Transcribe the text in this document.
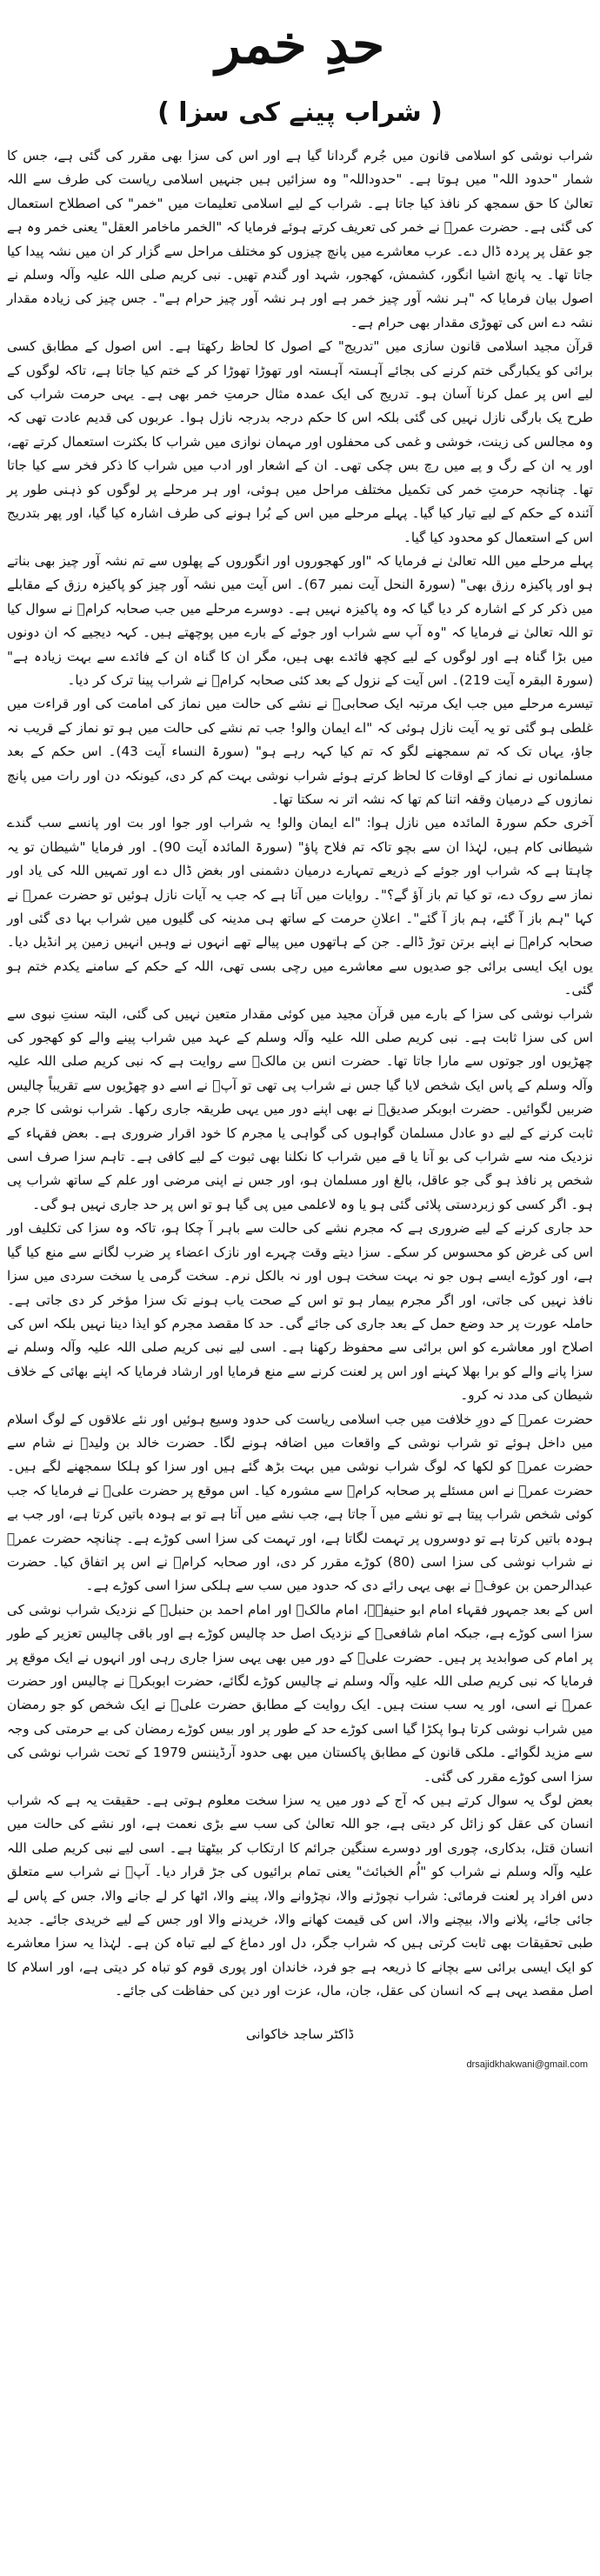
حدِ خمر
( شراب پینے کی سزا )

شراب نوشی کو اسلامی قانون میں جُرم گردانا گیا ہے اور اس کی سزا بھی مقرر کی گئی ہے، جس کا شمار "حدود اللہ" میں ہوتا ہے۔ "حدوداللہ" وہ سزائیں ہیں جنہیں اسلامی ریاست کی طرف سے اللہ تعالیٰ کا حق سمجھ کر نافذ کیا جاتا ہے۔ شراب کے لیے اسلامی تعلیمات میں "خمر" کی اصطلاح استعمال کی گئی ہے۔ حضرت عمرؓ نے خمر کی تعریف کرتے ہوئے فرمایا کہ "الخمر ماخامر العقل" یعنی خمر وہ ہے جو عقل پر پردہ ڈال دے۔ عرب معاشرے میں پانچ چیزوں کو مختلف مراحل سے گزار کر ان میں نشہ پیدا کیا جاتا تھا۔ یہ پانچ اشیا انگور، کشمش، کھجور، شہد اور گندم تھیں۔ نبی کریم صلی اللہ علیہ وآلہ وسلم نے اصول بیان فرمایا کہ "ہر نشہ آور چیز خمر ہے اور ہر نشہ آور چیز حرام ہے"۔ جس چیز کی زیادہ مقدار نشہ دے اس کی تھوڑی مقدار بھی حرام ہے۔

قرآن مجید اسلامی قانون سازی میں "تدریج" کے اصول کا لحاظ رکھتا ہے۔ اس اصول کے مطابق کسی برائی کو یکبارگی ختم کرنے کی بجائے آہستہ آہستہ اور تھوڑا تھوڑا کر کے ختم کیا جاتا ہے، تاکہ لوگوں کے لیے اس پر عمل کرنا آسان ہو۔ تدریج کی ایک عمدہ مثال حرمتِ خمر بھی ہے۔ یہی حرمت شراب کی طرح یک بارگی نازل نہیں کی گئی بلکہ اس کا حکم درجہ بدرجہ نازل ہوا۔ عربوں کی قدیم عادت تھی کہ وہ مجالس کی زینت، خوشی و غمی کی محفلوں اور مہمان نوازی میں شراب کا بکثرت استعمال کرتے تھے، اور یہ ان کے رگ و پے میں رچ بس چکی تھی۔ ان کے اشعار اور ادب میں شراب کا ذکر فخر سے کیا جاتا تھا۔ چنانچہ حرمتِ خمر کی تکمیل مختلف مراحل میں ہوئی، اور ہر مرحلے پر لوگوں کو ذہنی طور پر آئندہ کے حکم کے لیے تیار کیا گیا۔ پہلے مرحلے میں اس کے بُرا ہونے کی طرف اشارہ کیا گیا، اور پھر بتدریج اس کے استعمال کو محدود کیا گیا۔

پہلے مرحلے میں اللہ تعالیٰ نے فرمایا کہ "اور کھجوروں اور انگوروں کے پھلوں سے تم نشہ آور چیز بھی بناتے ہو اور پاکیزہ رزق بھی" (سورۃ النحل آیت نمبر 67)۔ اس آیت میں نشہ آور چیز کو پاکیزہ رزق کے مقابلے میں ذکر کر کے اشارہ کر دیا گیا کہ وہ پاکیزہ نہیں ہے۔ دوسرے مرحلے میں جب صحابہ کرامؓ نے سوال کیا تو اللہ تعالیٰ نے فرمایا کہ "وہ آپ سے شراب اور جوئے کے بارے میں پوچھتے ہیں۔ کہہ دیجیے کہ ان دونوں میں بڑا گناہ ہے اور لوگوں کے لیے کچھ فائدے بھی ہیں، مگر ان کا گناہ ان کے فائدے سے بہت زیادہ ہے" (سورۃ البقرہ آیت 219)۔ اس آیت کے نزول کے بعد کئی صحابہ کرامؓ نے شراب پینا ترک کر دیا۔

تیسرے مرحلے میں جب ایک مرتبہ ایک صحابیؓ نے نشے کی حالت میں نماز کی امامت کی اور قراءت میں غلطی ہو گئی تو یہ آیت نازل ہوئی کہ "اے ایمان والو! جب تم نشے کی حالت میں ہو تو نماز کے قریب نہ جاؤ، یہاں تک کہ تم سمجھنے لگو کہ تم کیا کہہ رہے ہو" (سورۃ النساء آیت 43)۔ اس حکم کے بعد مسلمانوں نے نماز کے اوقات کا لحاظ کرتے ہوئے شراب نوشی بہت کم کر دی، کیونکہ دن اور رات میں پانچ نمازوں کے درمیان وقفہ اتنا کم تھا کہ نشہ اتر نہ سکتا تھا۔

آخری حکم سورۃ المائدہ میں نازل ہوا: "اے ایمان والو! یہ شراب اور جوا اور بت اور پانسے سب گندے شیطانی کام ہیں، لہٰذا ان سے بچو تاکہ تم فلاح پاؤ" (سورۃ المائدہ آیت 90)۔ اور فرمایا "شیطان تو یہ چاہتا ہے کہ شراب اور جوئے کے ذریعے تمہارے درمیان دشمنی اور بغض ڈال دے اور تمہیں اللہ کی یاد اور نماز سے روک دے، تو کیا تم باز آؤ گے؟"۔ روایات میں آتا ہے کہ جب یہ آیات نازل ہوئیں تو حضرت عمرؓ نے کہا "ہم باز آ گئے، ہم باز آ گئے"۔ اعلانِ حرمت کے ساتھ ہی مدینہ کی گلیوں میں شراب بہا دی گئی اور صحابہ کرامؓ نے اپنے برتن توڑ ڈالے۔ جن کے ہاتھوں میں پیالے تھے انہوں نے وہیں انہیں زمین پر انڈیل دیا۔ یوں ایک ایسی برائی جو صدیوں سے معاشرے میں رچی بسی تھی، اللہ کے حکم کے سامنے یکدم ختم ہو گئی۔

شراب نوشی کی سزا کے بارے میں قرآن مجید میں کوئی مقدار متعین نہیں کی گئی، البتہ سنتِ نبوی سے اس کی سزا ثابت ہے۔ نبی کریم صلی اللہ علیہ وآلہ وسلم کے عہد میں شراب پینے والے کو کھجور کی چھڑیوں اور جوتوں سے مارا جاتا تھا۔ حضرت انس بن مالکؓ سے روایت ہے کہ نبی کریم صلی اللہ علیہ وآلہ وسلم کے پاس ایک شخص لایا گیا جس نے شراب پی تھی تو آپؐ نے اسے دو چھڑیوں سے تقریباً چالیس ضربیں لگوائیں۔ حضرت ابوبکر صدیقؓ نے بھی اپنے دور میں یہی طریقہ جاری رکھا۔ شراب نوشی کا جرم ثابت کرنے کے لیے دو عادل مسلمان گواہوں کی گواہی یا مجرم کا خود اقرار ضروری ہے۔ بعض فقہاء کے نزدیک منہ سے شراب کی بو آنا یا قے میں شراب کا نکلنا بھی ثبوت کے لیے کافی ہے۔ تاہم سزا صرف اسی شخص پر نافذ ہو گی جو عاقل، بالغ اور مسلمان ہو، اور جس نے اپنی مرضی اور علم کے ساتھ شراب پی ہو۔ اگر کسی کو زبردستی پلائی گئی ہو یا وہ لاعلمی میں پی گیا ہو تو اس پر حد جاری نہیں ہو گی۔

حد جاری کرنے کے لیے ضروری ہے کہ مجرم نشے کی حالت سے باہر آ چکا ہو، تاکہ وہ سزا کی تکلیف اور اس کی غرض کو محسوس کر سکے۔ سزا دیتے وقت چہرے اور نازک اعضاء پر ضرب لگانے سے منع کیا گیا ہے، اور کوڑے ایسے ہوں جو نہ بہت سخت ہوں اور نہ بالکل نرم۔ سخت گرمی یا سخت سردی میں سزا نافذ نہیں کی جاتی، اور اگر مجرم بیمار ہو تو اس کے صحت یاب ہونے تک سزا مؤخر کر دی جاتی ہے۔ حاملہ عورت پر حد وضع حمل کے بعد جاری کی جائے گی۔ حد کا مقصد مجرم کو ایذا دینا نہیں بلکہ اس کی اصلاح اور معاشرے کو اس برائی سے محفوظ رکھنا ہے۔ اسی لیے نبی کریم صلی اللہ علیہ وآلہ وسلم نے سزا پانے والے کو برا بھلا کہنے اور اس پر لعنت کرنے سے منع فرمایا اور ارشاد فرمایا کہ اپنے بھائی کے خلاف شیطان کی مدد نہ کرو۔

حضرت عمرؓ کے دورِ خلافت میں جب اسلامی ریاست کی حدود وسیع ہوئیں اور نئے علاقوں کے لوگ اسلام میں داخل ہوئے تو شراب نوشی کے واقعات میں اضافہ ہونے لگا۔ حضرت خالد بن ولیدؓ نے شام سے حضرت عمرؓ کو لکھا کہ لوگ شراب نوشی میں بہت بڑھ گئے ہیں اور سزا کو ہلکا سمجھنے لگے ہیں۔ حضرت عمرؓ نے اس مسئلے پر صحابہ کرامؓ سے مشورہ کیا۔ اس موقع پر حضرت علیؓ نے فرمایا کہ جب کوئی شخص شراب پیتا ہے تو نشے میں آ جاتا ہے، جب نشے میں آتا ہے تو بے ہودہ باتیں کرتا ہے، اور جب بے ہودہ باتیں کرتا ہے تو دوسروں پر تہمت لگاتا ہے، اور تہمت کی سزا اسی کوڑے ہے۔ چنانچہ حضرت عمرؓ نے شراب نوشی کی سزا اسی (80) کوڑے مقرر کر دی، اور صحابہ کرامؓ نے اس پر اتفاق کیا۔ حضرت عبدالرحمن بن عوفؓ نے بھی یہی رائے دی کہ حدود میں سب سے ہلکی سزا اسی کوڑے ہے۔

اس کے بعد جمہور فقہاء امام ابو حنیفہؒ، امام مالکؒ اور امام احمد بن حنبلؒ کے نزدیک شراب نوشی کی سزا اسی کوڑے ہے، جبکہ امام شافعیؒ کے نزدیک اصل حد چالیس کوڑے ہے اور باقی چالیس تعزیر کے طور پر امام کی صوابدید پر ہیں۔ حضرت علیؓ کے دور میں بھی یہی سزا جاری رہی اور انہوں نے ایک موقع پر فرمایا کہ نبی کریم صلی اللہ علیہ وآلہ وسلم نے چالیس کوڑے لگائے، حضرت ابوبکرؓ نے چالیس اور حضرت عمرؓ نے اسی، اور یہ سب سنت ہیں۔ ایک روایت کے مطابق حضرت علیؓ نے ایک شخص کو جو رمضان میں شراب نوشی کرتا ہوا پکڑا گیا اسی کوڑے حد کے طور پر اور بیس کوڑے رمضان کی بے حرمتی کی وجہ سے مزید لگوائے۔ ملکی قانون کے مطابق پاکستان میں بھی حدود آرڈیننس 1979 کے تحت شراب نوشی کی سزا اسی کوڑے مقرر کی گئی۔

بعض لوگ یہ سوال کرتے ہیں کہ آج کے دور میں یہ سزا سخت معلوم ہوتی ہے۔ حقیقت یہ ہے کہ شراب انسان کی عقل کو زائل کر دیتی ہے، جو اللہ تعالیٰ کی سب سے بڑی نعمت ہے، اور نشے کی حالت میں انسان قتل، بدکاری، چوری اور دوسرے سنگین جرائم کا ارتکاب کر بیٹھتا ہے۔ اسی لیے نبی کریم صلی اللہ علیہ وآلہ وسلم نے شراب کو "اُم الخبائث" یعنی تمام برائیوں کی جڑ قرار دیا۔ آپؐ نے شراب سے متعلق دس افراد پر لعنت فرمائی: شراب نچوڑنے والا، نچڑوانے والا، پینے والا، اٹھا کر لے جانے والا، جس کے پاس لے جائی جائے، پلانے والا، بیچنے والا، اس کی قیمت کھانے والا، خریدنے والا اور جس کے لیے خریدی جائے۔ جدید طبی تحقیقات بھی ثابت کرتی ہیں کہ شراب جگر، دل اور دماغ کے لیے تباہ کن ہے۔ لہٰذا یہ سزا معاشرے کو ایک ایسی برائی سے بچانے کا ذریعہ ہے جو فرد، خاندان اور پوری قوم کو تباہ کر دیتی ہے، اور اسلام کا اصل مقصد یہی ہے کہ انسان کی عقل، جان، مال، عزت اور دین کی حفاظت کی جائے۔

ڈاکٹر ساجد خاکوانی
drsajidkhakwani@gmail.com
